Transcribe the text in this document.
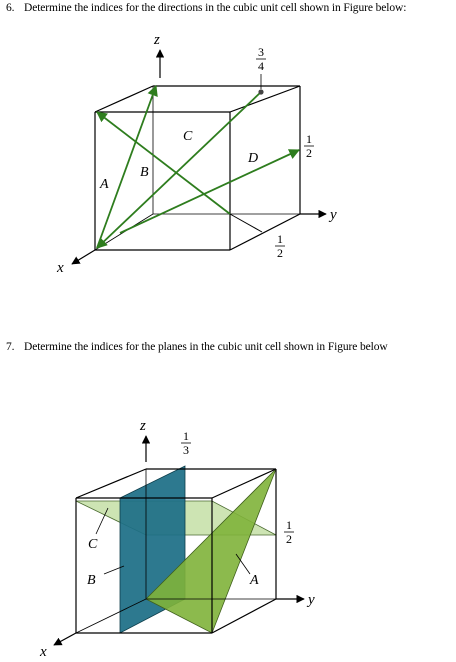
6. Determine the indices for the directions in the cubic unit cell shown in Figure below:
7. Determine the indices for the planes in the cubic unit cell shown in Figure below
z
y
x
A
B
C
D
3
4
1
2
1
2
z
y
x
C
B	A
1
3
1
2
